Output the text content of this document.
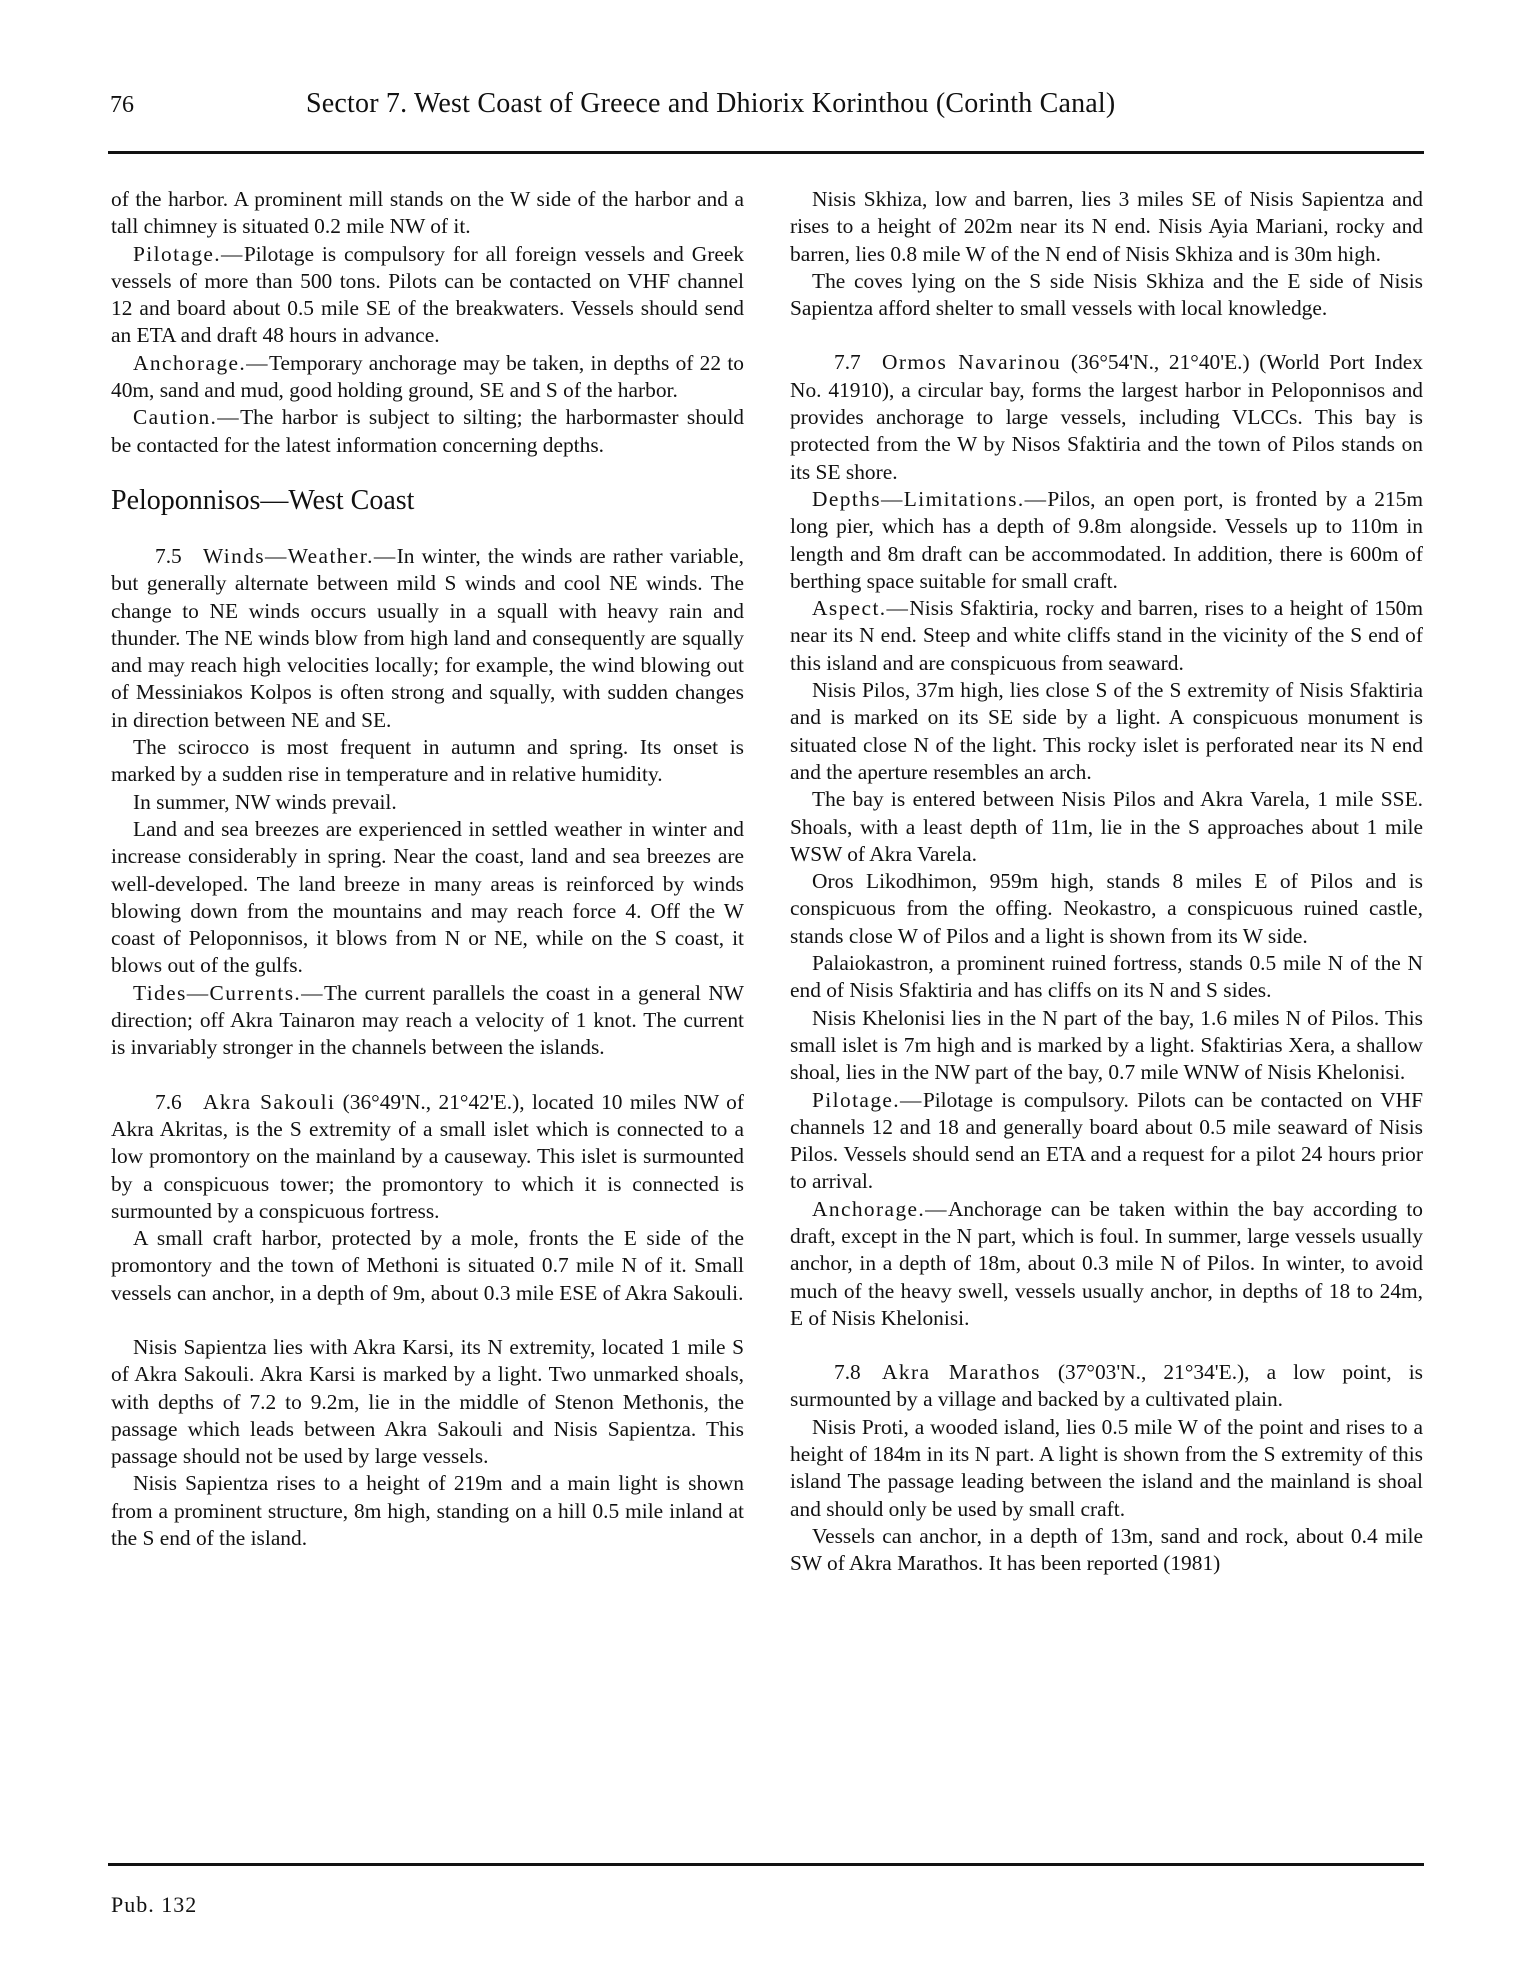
76	Sector 7. West Coast of Greece and Dhiorix Korinthou (Corinth Canal)

of the harbor. A prominent mill stands on the W side of the harbor and a tall chimney is situated 0.2 mile NW of it.

Pilotage.—Pilotage is compulsory for all foreign vessels and Greek vessels of more than 500 tons. Pilots can be contacted on VHF channel 12 and board about 0.5 mile SE of the breakwaters. Vessels should send an ETA and draft 48 hours in advance.

Anchorage.—Temporary anchorage may be taken, in depths of 22 to 40m, sand and mud, good holding ground, SE and S of the harbor.

Caution.—The harbor is subject to silting; the harbormaster should be contacted for the latest information concerning depths.

Peloponnisos—West Coast

7.5 Winds—Weather.—In winter, the winds are rather variable, but generally alternate between mild S winds and cool NE winds. The change to NE winds occurs usually in a squall with heavy rain and thunder. The NE winds blow from high land and consequently are squally and may reach high velocities locally; for example, the wind blowing out of Messiniakos Kolpos is often strong and squally, with sudden changes in direction between NE and SE.

The scirocco is most frequent in autumn and spring. Its onset is marked by a sudden rise in temperature and in relative humidity.

In summer, NW winds prevail.

Land and sea breezes are experienced in settled weather in winter and increase considerably in spring. Near the coast, land and sea breezes are well-developed. The land breeze in many areas is reinforced by winds blowing down from the mountains and may reach force 4. Off the W coast of Peloponnisos, it blows from N or NE, while on the S coast, it blows out of the gulfs.

Tides—Currents.—The current parallels the coast in a general NW direction; off Akra Tainaron may reach a velocity of 1 knot. The current is invariably stronger in the channels between the islands.

7.6 Akra Sakouli (36°49'N., 21°42'E.), located 10 miles NW of Akra Akritas, is the S extremity of a small islet which is connected to a low promontory on the mainland by a causeway. This islet is surmounted by a conspicuous tower; the promontory to which it is connected is surmounted by a conspicuous fortress.

A small craft harbor, protected by a mole, fronts the E side of the promontory and the town of Methoni is situated 0.7 mile N of it. Small vessels can anchor, in a depth of 9m, about 0.3 mile ESE of Akra Sakouli.

Nisis Sapientza lies with Akra Karsi, its N extremity, located 1 mile S of Akra Sakouli. Akra Karsi is marked by a light. Two unmarked shoals, with depths of 7.2 to 9.2m, lie in the middle of Stenon Methonis, the passage which leads between Akra Sakouli and Nisis Sapientza. This passage should not be used by large vessels.

Nisis Sapientza rises to a height of 219m and a main light is shown from a prominent structure, 8m high, standing on a hill 0.5 mile inland at the S end of the island.

Nisis Skhiza, low and barren, lies 3 miles SE of Nisis Sapientza and rises to a height of 202m near its N end. Nisis Ayia Mariani, rocky and barren, lies 0.8 mile W of the N end of Nisis Skhiza and is 30m high.

The coves lying on the S side Nisis Skhiza and the E side of Nisis Sapientza afford shelter to small vessels with local knowledge.

7.7 Ormos Navarinou (36°54'N., 21°40'E.) (World Port Index No. 41910), a circular bay, forms the largest harbor in Peloponnisos and provides anchorage to large vessels, including VLCCs. This bay is protected from the W by Nisos Sfaktiria and the town of Pilos stands on its SE shore.

Depths—Limitations.—Pilos, an open port, is fronted by a 215m long pier, which has a depth of 9.8m alongside. Vessels up to 110m in length and 8m draft can be accommodated. In addition, there is 600m of berthing space suitable for small craft.

Aspect.—Nisis Sfaktiria, rocky and barren, rises to a height of 150m near its N end. Steep and white cliffs stand in the vicinity of the S end of this island and are conspicuous from seaward.

Nisis Pilos, 37m high, lies close S of the S extremity of Nisis Sfaktiria and is marked on its SE side by a light. A conspicuous monument is situated close N of the light. This rocky islet is perforated near its N end and the aperture resembles an arch.

The bay is entered between Nisis Pilos and Akra Varela, 1 mile SSE. Shoals, with a least depth of 11m, lie in the S approaches about 1 mile WSW of Akra Varela.

Oros Likodhimon, 959m high, stands 8 miles E of Pilos and is conspicuous from the offing. Neokastro, a conspicuous ruined castle, stands close W of Pilos and a light is shown from its W side.

Palaiokastron, a prominent ruined fortress, stands 0.5 mile N of the N end of Nisis Sfaktiria and has cliffs on its N and S sides.

Nisis Khelonisi lies in the N part of the bay, 1.6 miles N of Pilos. This small islet is 7m high and is marked by a light. Sfaktirias Xera, a shallow shoal, lies in the NW part of the bay, 0.7 mile WNW of Nisis Khelonisi.

Pilotage.—Pilotage is compulsory. Pilots can be contacted on VHF channels 12 and 18 and generally board about 0.5 mile seaward of Nisis Pilos. Vessels should send an ETA and a request for a pilot 24 hours prior to arrival.

Anchorage.—Anchorage can be taken within the bay according to draft, except in the N part, which is foul. In summer, large vessels usually anchor, in a depth of 18m, about 0.3 mile N of Pilos. In winter, to avoid much of the heavy swell, vessels usually anchor, in depths of 18 to 24m, E of Nisis Khelonisi.

7.8 Akra Marathos (37°03'N., 21°34'E.), a low point, is surmounted by a village and backed by a cultivated plain.

Nisis Proti, a wooded island, lies 0.5 mile W of the point and rises to a height of 184m in its N part. A light is shown from the S extremity of this island The passage leading between the island and the mainland is shoal and should only be used by small craft.

Vessels can anchor, in a depth of 13m, sand and rock, about 0.4 mile SW of Akra Marathos. It has been reported (1981)

Pub. 132
